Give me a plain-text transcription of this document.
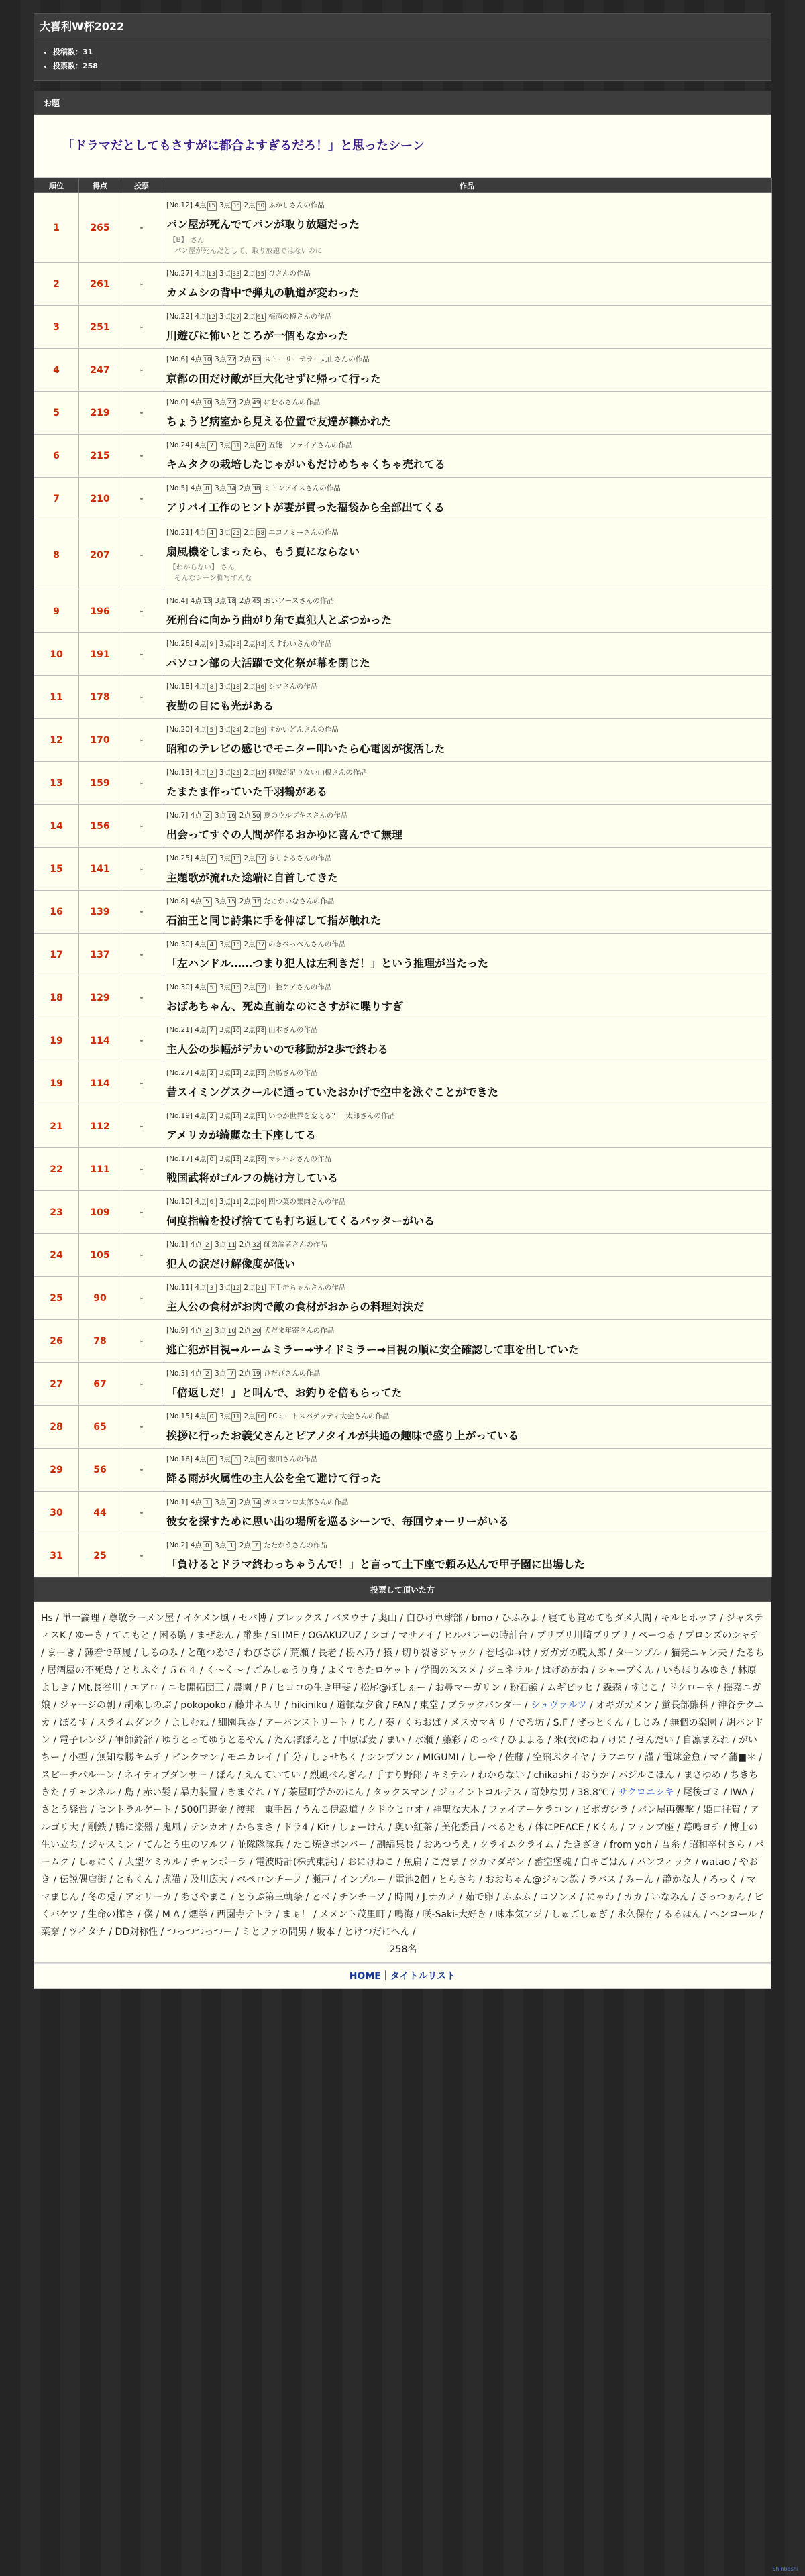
大喜利W杯2022
• 投稿数：31
• 投票数：258
お題
「ドラマだとしてもさすがに都合よすぎるだろ！」と思ったシーン
順位	得点	投票	作品
1	265	-	[No.12] 4点 15 3点 35 2点 50 ふかしさんの作品
パン屋が死んでてパンが取り放題だった
【B】 さん
パン屋が死んだとして、取り放題ではないのに

2	261	-	[No.27] 4点 13 3点 33 2点 55 ひさんの作品
カメムシの背中で弾丸の軌道が変わった

3	251	-	[No.22] 4点 12 3点 27 2点 61 梅酒の樽さんの作品
川遊びに怖いところが一個もなかった

4	247	-	[No.6] 4点 10 3点 27 2点 63 ストーリーテラー丸山さんの作品
京都の田だけ敵が巨大化せずに帰って行った

5	219	-	[No.0] 4点 10 3点 27 2点 49 にむるさんの作品
ちょうど病室から見える位置で友達が轢かれた

6	215	-	[No.24] 4点 7 3点 31 2点 47 五能　ファイアさんの作品
キムタクの栽培したじゃがいもだけめちゃくちゃ売れてる

7	210	-	[No.5] 4点 8 3点 34 2点 38 ミトンアイスさんの作品
アリバイ工作のヒントが妻が買った福袋から全部出てくる

8	207	-	[No.21] 4点 4 3点 25 2点 58 エコノミーさんの作品
扇風機をしまったら、もう夏にならない
【わからない】 さん
そんなシーン脚写すんな

9	196	-	[No.4] 4点 13 3点 18 2点 45 おいソースさんの作品
死刑台に向かう曲がり角で真犯人とぶつかった

10	191	-	[No.26] 4点 9 3点 23 2点 43 えすわいさんの作品
パソコン部の大活躍で文化祭が幕を閉じた

11	178	-	[No.18] 4点 8 3点 18 2点 46 シツさんの作品
夜勤の目にも光がある

12	170	-	[No.20] 4点 5 3点 24 2点 39 すかいどんさんの作品
昭和のテレビの感じでモニター叩いたら心電図が復活した

13	159	-	[No.13] 4点 2 3点 25 2点 47 刺激が足りない山根さんの作品
たまたま作っていた千羽鶴がある

14	156	-	[No.7] 4点 2 3点 16 2点 50 夏のウルブキスさんの作品
出会ってすぐの人間が作るおかゆに喜んでて無理

15	141	-	[No.25] 4点 7 3点 13 2点 37 きりまるさんの作品
主題歌が流れた途端に自首してきた

16	139	-	[No.8] 4点 5 3点 15 2点 37 たこかいなさんの作品
石油王と同じ詩集に手を伸ばして指が触れた

17	137	-	[No.30] 4点 4 3点 15 2点 37 のきべっぺんさんの作品
「左ハンドル……つまり犯人は左利きだ！」という推理が当たった

18	129	-	[No.30] 4点 5 3点 15 2点 32 口腔ケアさんの作品
おばあちゃん、死ぬ直前なのにさすがに喋りすぎ

19	114	-	[No.21] 4点 7 3点 10 2点 28 山本さんの作品
主人公の歩幅がデカいので移動が2歩で終わる

19	114	-	[No.27] 4点 2 3点 12 2点 35 余馬さんの作品
昔スイミングスクールに通っていたおかげで空中を泳ぐことができた

21	112	-	[No.19] 4点 2 3点 14 2点 31 いつか世界を変える？一太郎さんの作品
アメリカが綺麗な土下座してる

22	111	-	[No.17] 4点 0 3点 13 2点 36 マッハシさんの作品
戦国武将がゴルフの焼け方している

23	109	-	[No.10] 4点 6 3点 11 2点 26 四つ葉の果肉さんの作品
何度指輪を投げ捨てても打ち返してくるバッターがいる

24	105	-	[No.1] 4点 2 3点 11 2点 32 師弟論者さんの作品
犯人の涙だけ解像度が低い

25	90	-	[No.11] 4点 3 3点 12 2点 21 下手缶ちゃんさんの作品
主人公の食材がお肉で敵の食材がおからの料理対決だ

26	78	-	[No.9] 4点 2 3点 10 2点 20 犬だま年寄さんの作品
逃亡犯が目視→ルームミラー→サイドミラー→目視の順に安全確認して車を出していた

27	67	-	[No.3] 4点 2 3点 7 2点 19 ひだびさんの作品
「倍返しだ！」と叫んで、お釣りを倍もらってた

28	65	-	[No.15] 4点 0 3点 11 2点 16 PCミートスパゲッティ大会さんの作品
挨拶に行ったお義父さんとピアノタイルが共通の趣味で盛り上がっている

29	56	-	[No.16] 4点 0 3点 8 2点 16 翌田さんの作品
降る雨が火属性の主人公を全て避けて行った

30	44	-	[No.1] 4点 1 3点 4 2点 14 ガスコンロ太郎さんの作品
彼女を探すために思い出の場所を巡るシーンで、毎回ウォーリーがいる

31	25	-	[No.2] 4点 0 3点 1 2点 7 たたかうさんの作品
「負けるとドラマ終わっちゃうんで！」と言って土下座で頼み込んで甲子園に出場した
投票して頂いた方
Hs / 単一論理 / 尊敬ラーメン屋 / イケメン風 / セバ博 / ブレックス / バヌウナ / 奥山 / 白ひげ卓球部 / bmo / ひふみよ / 寝ても覚めてもダメ人間 / キルヒホッフ / ジャスティスK / ゆーき / てこもと / 困る駒 / まぜあん / 酔歩 / SLIME / OGAKUZUZ / シゴ / マサノイ / ヒルバレーの時計台 / ブリブリ川崎ブリブリ / ペーつる / ブロンズのシャチ / まーき / 薄着で草履 / しるのみ / と鞄つゐで / わびさび / 荒瀬 / 長老 / 栃木乃 / 猿 / 切り裂きジャック / 巻尾ゆ→け / ガガガの晩太郎 / ターンブル / 猫発ニャン夫 / たるち / 居酒屋の不死鳥 / とりふぐ / ５６４ / く～く～ / ごみしゅうり身 / よくできたロケット / 学問のススメ / ジェネラル / はげめがね / シャーブくん / いもほりみゆき / 林原よしき / Mt.長谷川 / エアロ / ニセ開拓団三 / 農園 / P / ヒヨコの生き甲斐 / 松尾@ぼしぇー / お鼻マーガリン / 粉石鹸 / ムギビッヒ / 森森 / すじこ / ドクローネ / 揺嘉ニガ娘 / ジャージの朝 / 胡椒しのぶ / pokopoko / 藤井ネムリ / hikiniku / 道頓な夕食 / FAN / 東堂 / ブラックパンダー / シュヴァルツ / オギガガメン / 蛍長部熊科 / 神谷テクニカ / ぽるす / スライムダンク / よしむね / 細園兵器 / アーバンストリート / りん / 奏 / くちおば / メスカマキリ / でろ坊 / S.F / ぜっとくん / しじみ / 無個の楽園 / 胡バンドン / 電子レンジ / 軍師鈴評 / ゆうとってゆうとるやん / たんぽぽんと / 中原ぱ麦 / まい / 水瀬 / 藤彩 / のっぺ / ひよよる / 米(衣)のね / けに / せんだい / 自凛まみれ / がいちー / 小型 / 無知な勝キムチ / ピンクマン / モニカレイ / 自分 / しょせちく / シンブソン / MIGUMI / しーや / 佐藤 / 空飛ぶタイヤ / ラフニワ / 謹 / 電球金魚 / マイ蒲■＊ / スピーチバルーン / ネイティブダンサー / ぽん / えんていてい / 烈風ぺんぎん / 手すり野郎 / キミテル / わからない / chikashi / おうか / パジルこほん / まさゆめ / ちきちきた / チャンネル / 島 / 赤い髪 / 暴力装置 / きまぐれ / Y / 茶屋町学かのにん / タックスマン / ジョイントコルテス / 奇妙な男 / 38.8℃ / サクロニシキ / 尾後ゴミ / IWA / さとう経営 / セントラルゲート / 500円野金 / 渡邦　東手呂 / うんこ伊忍道 / クドウヒロオ / 神聖な大木 / ファイアーケラコン / ピポガシラ / パン屋再襲撃 / 姫口往賀 / アルゴリ大 / 剛鉄 / 鴨に楽器 / 鬼風 / テンカオ / からまさ / ドラ4 / Kit / しょーけん / 奥い紅茶 / 美化委員 / べるとも / 体にPEACE / Kくん / ファンブ座 / 苺鳴ヨチ / 博士の生い立ち / ジャスミン / てんとう虫のワルツ / 並隊隊隊兵 / たこ焼きボンバー / 副編集長 / おあつうえ / クライムクライム / たきざき / from yoh / 吾糸 / 昭和卒村さら / パームク / しゅにく / 大型ケミカル / チャンポーラ / 電波時計(株式東浜) / おにけねこ / 魚扁 / こだま / ツカマダギン / 蓄空堡魂 / 白キごはん / パンフィック / watao / やおき / 伝説偶店街 / ともくん / 虎猫 / 及川広大 / ペペロンチーノ / 瀬戸 / インプルー / 電池2個 / とらさち / おおちゃん@ジャン鉄 / ラバス / みーん / 静かな人 / ろっく / ママまじん / 冬の兎 / アオリーカ / あさやまこ / とうぶ第三軌条 / とべ / チンチーソ / 時間 / J.ナカノ / 茹で卵 / ふふふ / コソンメ / にゃわ / カカ / いなみん / さっつぁん / ピくバケツ / 生命の樺さ / 僕 / M A / 煙挙 / 西園寺テトラ / まぁ！ / メメント茂里町 / 鳴海 / 咲-Saki-大好き / 味本気アジ / しゅごしゅぎ / 永久保存 / るるほん / ヘンコール / 菜奈 / ツイタチ / DD対称性 / つっつつっつー / ミとファの間男 / 坂本 / とけつだにへん /
258名
HOME｜タイトルリスト
Shinbashi
